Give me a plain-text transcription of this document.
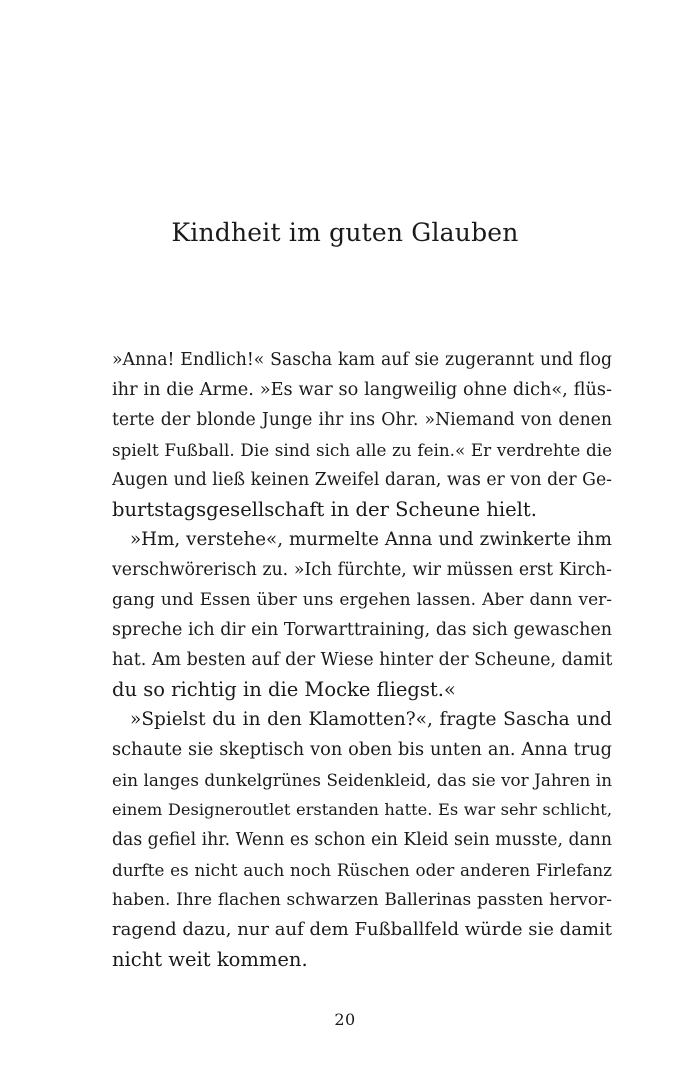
Kindheit im guten Glauben
»Anna! Endlich!« Sascha kam auf sie zugerannt und flog
ihr in die Arme. »Es war so langweilig ohne dich«, flüs-
terte der blonde Junge ihr ins Ohr. »Niemand von denen
spielt Fußball. Die sind sich alle zu fein.« Er verdrehte die
Augen und ließ keinen Zweifel daran, was er von der Ge-
burtstagsgesellschaft in der Scheune hielt.
»Hm, verstehe«, murmelte Anna und zwinkerte ihm
verschwörerisch zu. »Ich fürchte, wir müssen erst Kirch-
gang und Essen über uns ergehen lassen. Aber dann ver-
spreche ich dir ein Torwarttraining, das sich gewaschen
hat. Am besten auf der Wiese hinter der Scheune, damit
du so richtig in die Mocke fliegst.«
»Spielst du in den Klamotten?«, fragte Sascha und
schaute sie skeptisch von oben bis unten an. Anna trug
ein langes dunkelgrünes Seidenkleid, das sie vor Jahren in
einem Designeroutlet erstanden hatte. Es war sehr schlicht,
das gefiel ihr. Wenn es schon ein Kleid sein musste, dann
durfte es nicht auch noch Rüschen oder anderen Firlefanz
haben. Ihre flachen schwarzen Ballerinas passten hervor-
ragend dazu, nur auf dem Fußballfeld würde sie damit
nicht weit kommen.
20
